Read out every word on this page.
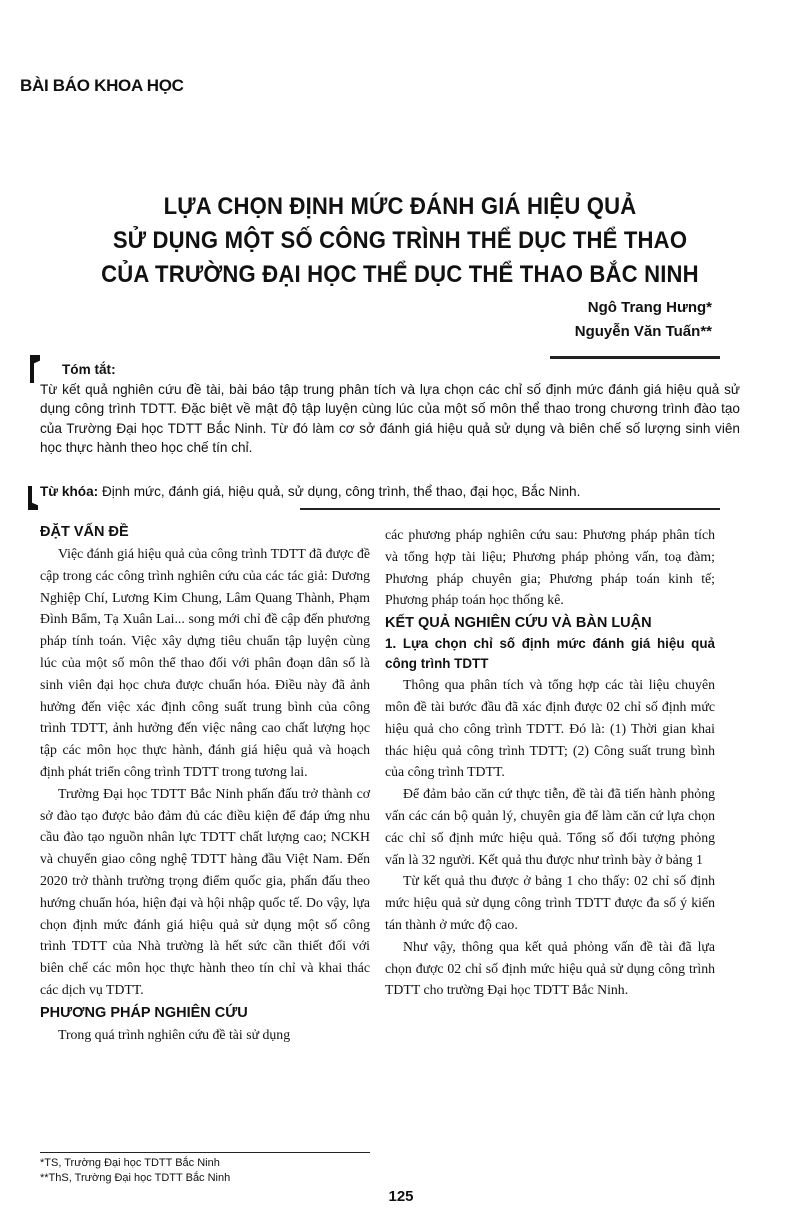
BÀI BÁO KHOA HỌC
LỰA CHỌN ĐỊNH MỨC ĐÁNH GIÁ HIỆU QUẢ
SỬ DỤNG MỘT SỐ CÔNG TRÌNH THỂ DỤC THỂ THAO
CỦA TRƯỜNG ĐẠI HỌC THỂ DỤC THỂ THAO BẮC NINH
Ngô Trang Hưng*
Nguyễn Văn Tuấn**
Tóm tắt:
Từ kết quả nghiên cứu đề tài, bài báo tập trung phân tích và lựa chọn các chỉ số định mức đánh giá hiệu quả sử dụng công trình TDTT. Đặc biệt về mật độ tập luyện cùng lúc của một số môn thể thao trong chương trình đào tạo của Trường Đại học TDTT Bắc Ninh. Từ đó làm cơ sở đánh giá hiệu quả sử dụng và biên chế số lượng sinh viên học thực hành theo học chế tín chỉ.
Từ khóa: Định mức, đánh giá, hiệu quả, sử dụng, công trình, thể thao, đại học, Bắc Ninh.
ĐẶT VẤN ĐỀ

Việc đánh giá hiệu quả của công trình TDTT đã được đề cập trong các công trình nghiên cứu của các tác giả: Dương Nghiệp Chí, Lương Kim Chung, Lâm Quang Thành, Phạm Đình Bẩm, Tạ Xuân Lai... song mới chỉ đề cập đến phương pháp tính toán. Việc xây dựng tiêu chuẩn tập luyện cùng lúc của một số môn thể thao đối với phân đoạn dân số là sinh viên đại học chưa được chuẩn hóa. Điều này đã ảnh hưởng đến việc xác định công suất trung bình của công trình TDTT, ảnh hưởng đến việc nâng cao chất lượng học tập các môn học thực hành, đánh giá hiệu quả và hoạch định phát triển công trình TDTT trong tương lai.

Trường Đại học TDTT Bắc Ninh phấn đấu trở thành cơ sở đào tạo được bảo đảm đủ các điều kiện để đáp ứng nhu cầu đào tạo nguồn nhân lực TDTT chất lượng cao; NCKH và chuyển giao công nghệ TDTT hàng đầu Việt Nam. Đến 2020 trở thành trường trọng điểm quốc gia, phấn đấu theo hướng chuẩn hóa, hiện đại và hội nhập quốc tế. Do vậy, lựa chọn định mức đánh giá hiệu quả sử dụng một số công trình TDTT của Nhà trường là hết sức cần thiết đối với biên chế các môn học thực hành theo tín chỉ và khai thác các dịch vụ TDTT.

PHƯƠNG PHÁP NGHIÊN CỨU

Trong quá trình nghiên cứu đề tài sử dụng

các phương pháp nghiên cứu sau: Phương pháp phân tích và tổng hợp tài liệu; Phương pháp phỏng vấn, toạ đàm; Phương pháp chuyên gia; Phương pháp toán kinh tế; Phương pháp toán học thống kê.

KẾT QUẢ NGHIÊN CỨU VÀ BÀN LUẬN
1. Lựa chọn chỉ số định mức đánh giá hiệu quả công trình TDTT

Thông qua phân tích và tổng hợp các tài liệu chuyên môn đề tài bước đầu đã xác định được 02 chỉ số định mức hiệu quả cho công trình TDTT. Đó là: (1) Thời gian khai thác hiệu quả công trình TDTT; (2) Công suất trung bình của công trình TDTT.

Để đảm bảo căn cứ thực tiễn, đề tài đã tiến hành phỏng vấn các cán bộ quản lý, chuyên gia để làm căn cứ lựa chọn các chỉ số định mức hiệu quả. Tổng số đối tượng phỏng vấn là 32 người. Kết quả thu được như trình bày ở bảng 1

Từ kết quả thu được ở bảng 1 cho thấy: 02 chỉ số định mức hiệu quả sử dụng công trình TDTT được đa số ý kiến tán thành ở mức độ cao.

Như vậy, thông qua kết quả phỏng vấn đề tài đã lựa chọn được 02 chỉ số định mức hiệu quả sử dụng công trình TDTT cho trường Đại học TDTT Bắc Ninh.

*TS, Trường Đại học TDTT Bắc Ninh
**ThS, Trường Đại học TDTT Bắc Ninh
125
